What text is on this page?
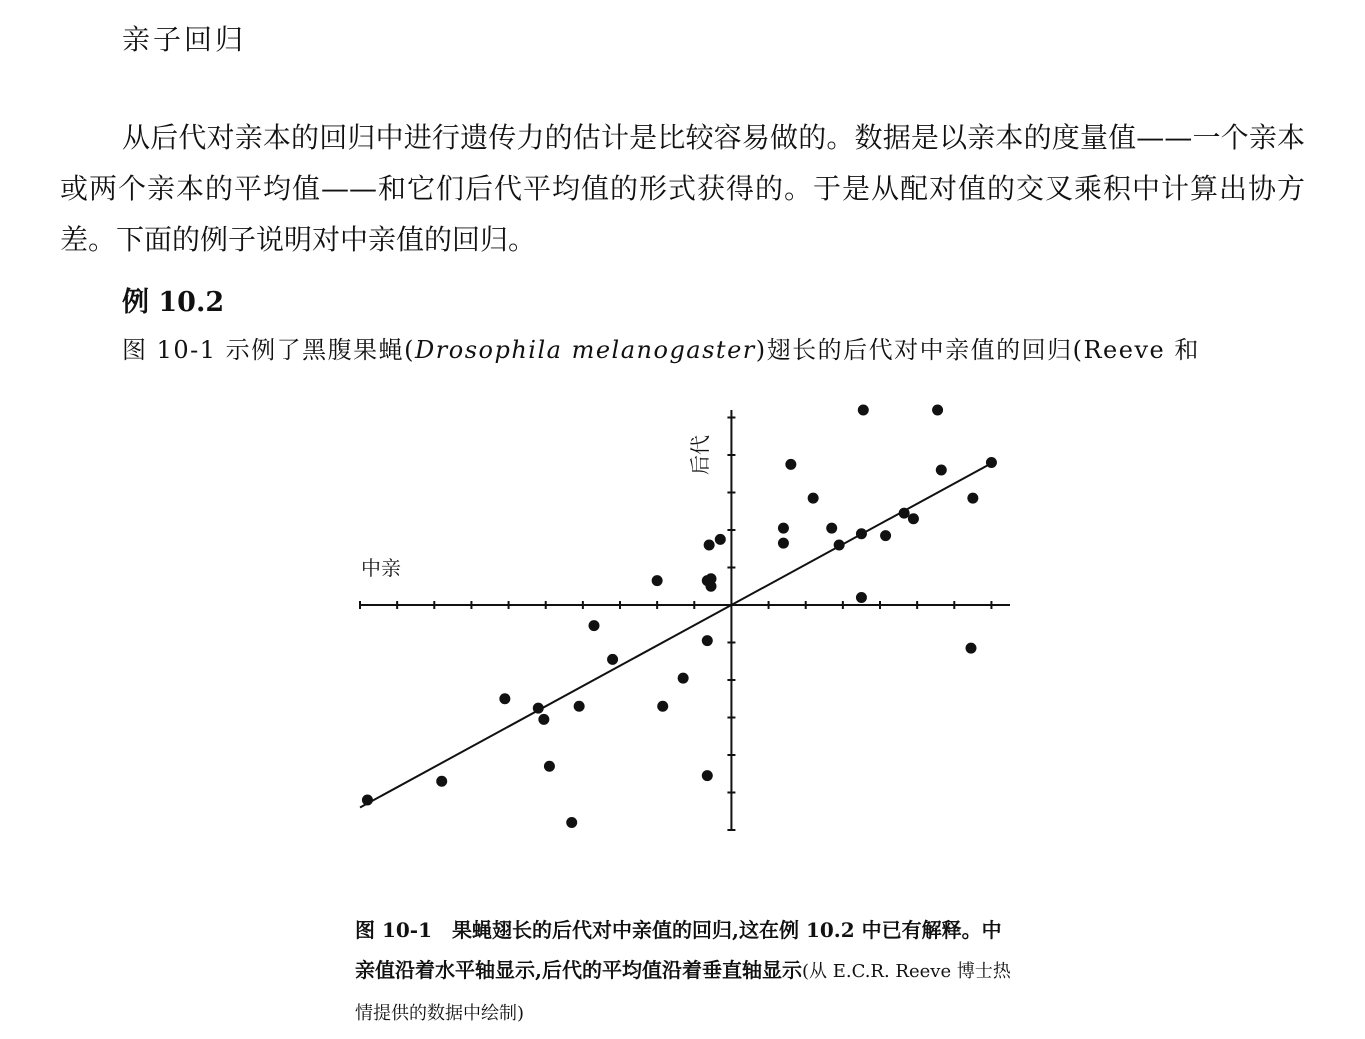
亲子回归

从后代对亲本的回归中进行遗传力的估计是比较容易做的。数据是以亲本的度量值——一个亲本或两个亲本的平均值——和它们后代平均值的形式获得的。于是从配对值的交叉乘积中计算出协方差。下面的例子说明对中亲值的回归。

例 10.2
图 10-1 示例了黑腹果蝇(Drosophila melanogaster)翅长的后代对中亲值的回归(Reeve 和
中亲
后代
图 10-1  果蝇翅长的后代对中亲值的回归,这在例 10.2 中已有解释。中亲值沿着水平轴显示,后代的平均值沿着垂直轴显示(从 E.C.R. Reeve 博士热情提供的数据中绘制)
